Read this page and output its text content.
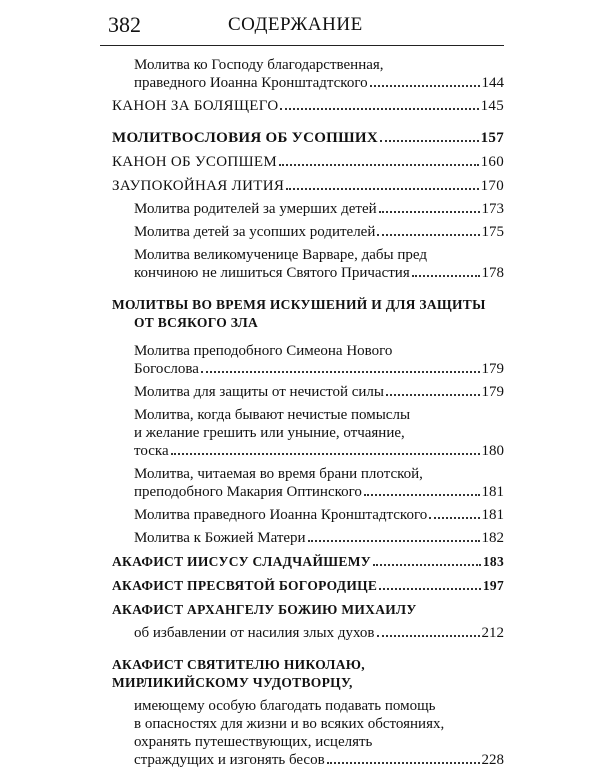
382	СОДЕРЖАНИЕ
Молитва ко Господу благодарственная,
праведного Иоанна Кронштадтского	144
КАНОН ЗА БОЛЯЩЕГО	145
МОЛИТВОСЛОВИЯ ОБ УСОПШИХ	157
КАНОН ОБ УСОПШЕМ	160
ЗАУПОКОЙНАЯ ЛИТИЯ	170
Молитва родителей за умерших детей	173
Молитва детей за усопших родителей	175
Молитва великомученице Варваре, дабы пред
кончиною не лишиться Святого Причастия	178
МОЛИТВЫ ВО ВРЕМЯ ИСКУШЕНИЙ И ДЛЯ ЗАЩИТЫ
ОТ ВСЯКОГО ЗЛА
Молитва преподобного Симеона Нового
Богослова	179
Молитва для защиты от нечистой силы	179
Молитва, когда бывают нечистые помыслы
и желание грешить или уныние, отчаяние,
тоска	180
Молитва, читаемая во время брани плотской,
преподобного Макария Оптинского	181
Молитва праведного Иоанна Кронштадтского	181
Молитва к Божией Матери	182
АКАФИСТ ИИСУСУ СЛАДЧАЙШЕМУ	183
АКАФИСТ ПРЕСВЯТОЙ БОГОРОДИЦЕ	197
АКАФИСТ АРХАНГЕЛУ БОЖИЮ МИХАИЛУ
об избавлении от насилия злых духов	212
АКАФИСТ СВЯТИТЕЛЮ НИКОЛАЮ,
МИРЛИКИЙСКОМУ ЧУДОТВОРЦУ,
имеющему особую благодать подавать помощь
в опасностях для жизни и во всяких обстояниях,
охранять путешествующих, исцелять
страждущих и изгонять бесов	228
